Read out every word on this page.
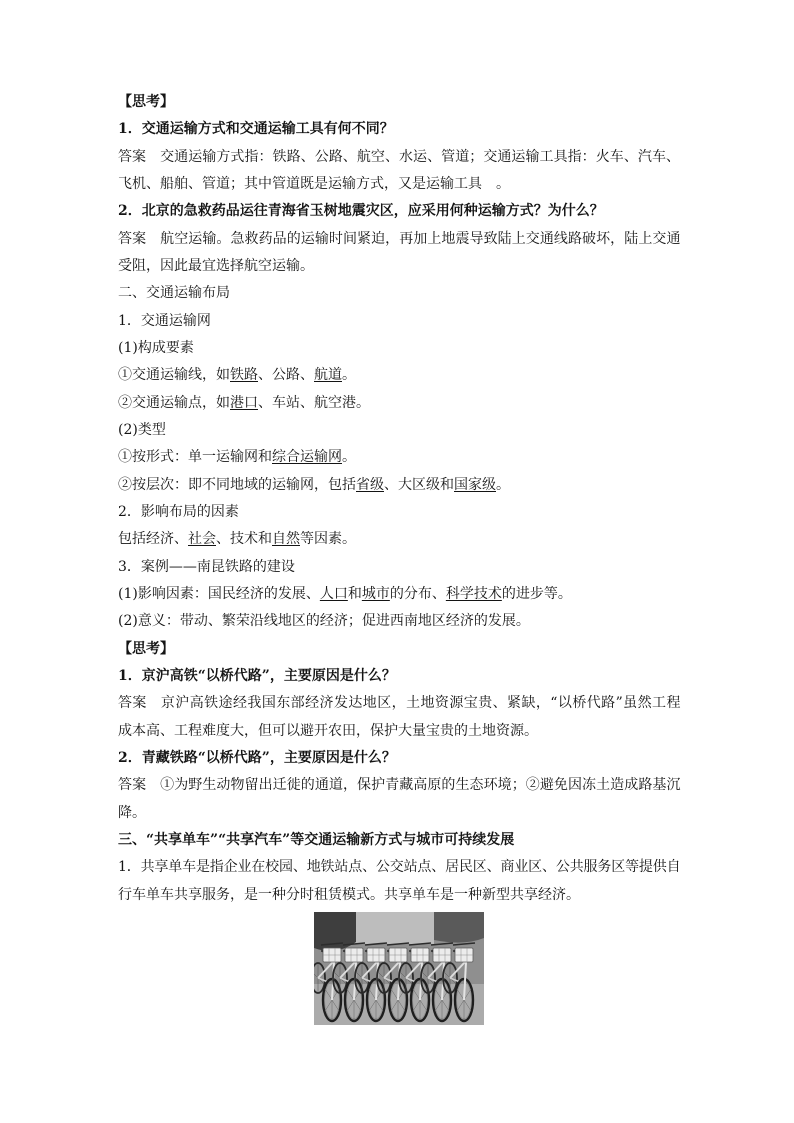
【思考】
1．交通运输方式和交通运输工具有何不同？
答案 交通运输方式指：铁路、公路、航空、水运、管道；交通运输工具指：火车、汽车、
飞机、船舶、管道；其中管道既是运输方式，又是运输工具　。
2．北京的急救药品运往青海省玉树地震灾区，应采用何种运输方式？为什么？
答案 航空运输。急救药品的运输时间紧迫，再加上地震导致陆上交通线路破坏，陆上交通
受阻，因此最宜选择航空运输。
二、交通运输布局
1．交通运输网
(1)构成要素
①交通运输线，如铁路、公路、航道。
②交通运输点，如港口、车站、航空港。
(2)类型
①按形式：单一运输网和综合运输网。
②按层次：即不同地域的运输网，包括省级、大区级和国家级。
2．影响布局的因素
包括经济、社会、技术和自然等因素。
3．案例——南昆铁路的建设
(1)影响因素：国民经济的发展、人口和城市的分布、科学技术的进步等。
(2)意义：带动、繁荣沿线地区的经济；促进西南地区经济的发展。
【思考】
1．京沪高铁“以桥代路”，主要原因是什么？
答案 京沪高铁途经我国东部经济发达地区，土地资源宝贵、紧缺，“以桥代路”虽然工程
成本高、工程难度大，但可以避开农田，保护大量宝贵的土地资源。
2．青藏铁路“以桥代路”，主要原因是什么？
答案 ①为野生动物留出迁徙的通道，保护青藏高原的生态环境；②避免因冻土造成路基沉
降。
三、“共享单车”“共享汽车”等交通运输新方式与城市可持续发展
1．共享单车是指企业在校园、地铁站点、公交站点、居民区、商业区、公共服务区等提供自
行车单车共享服务，是一种分时租赁模式。共享单车是一种新型共享经济。
